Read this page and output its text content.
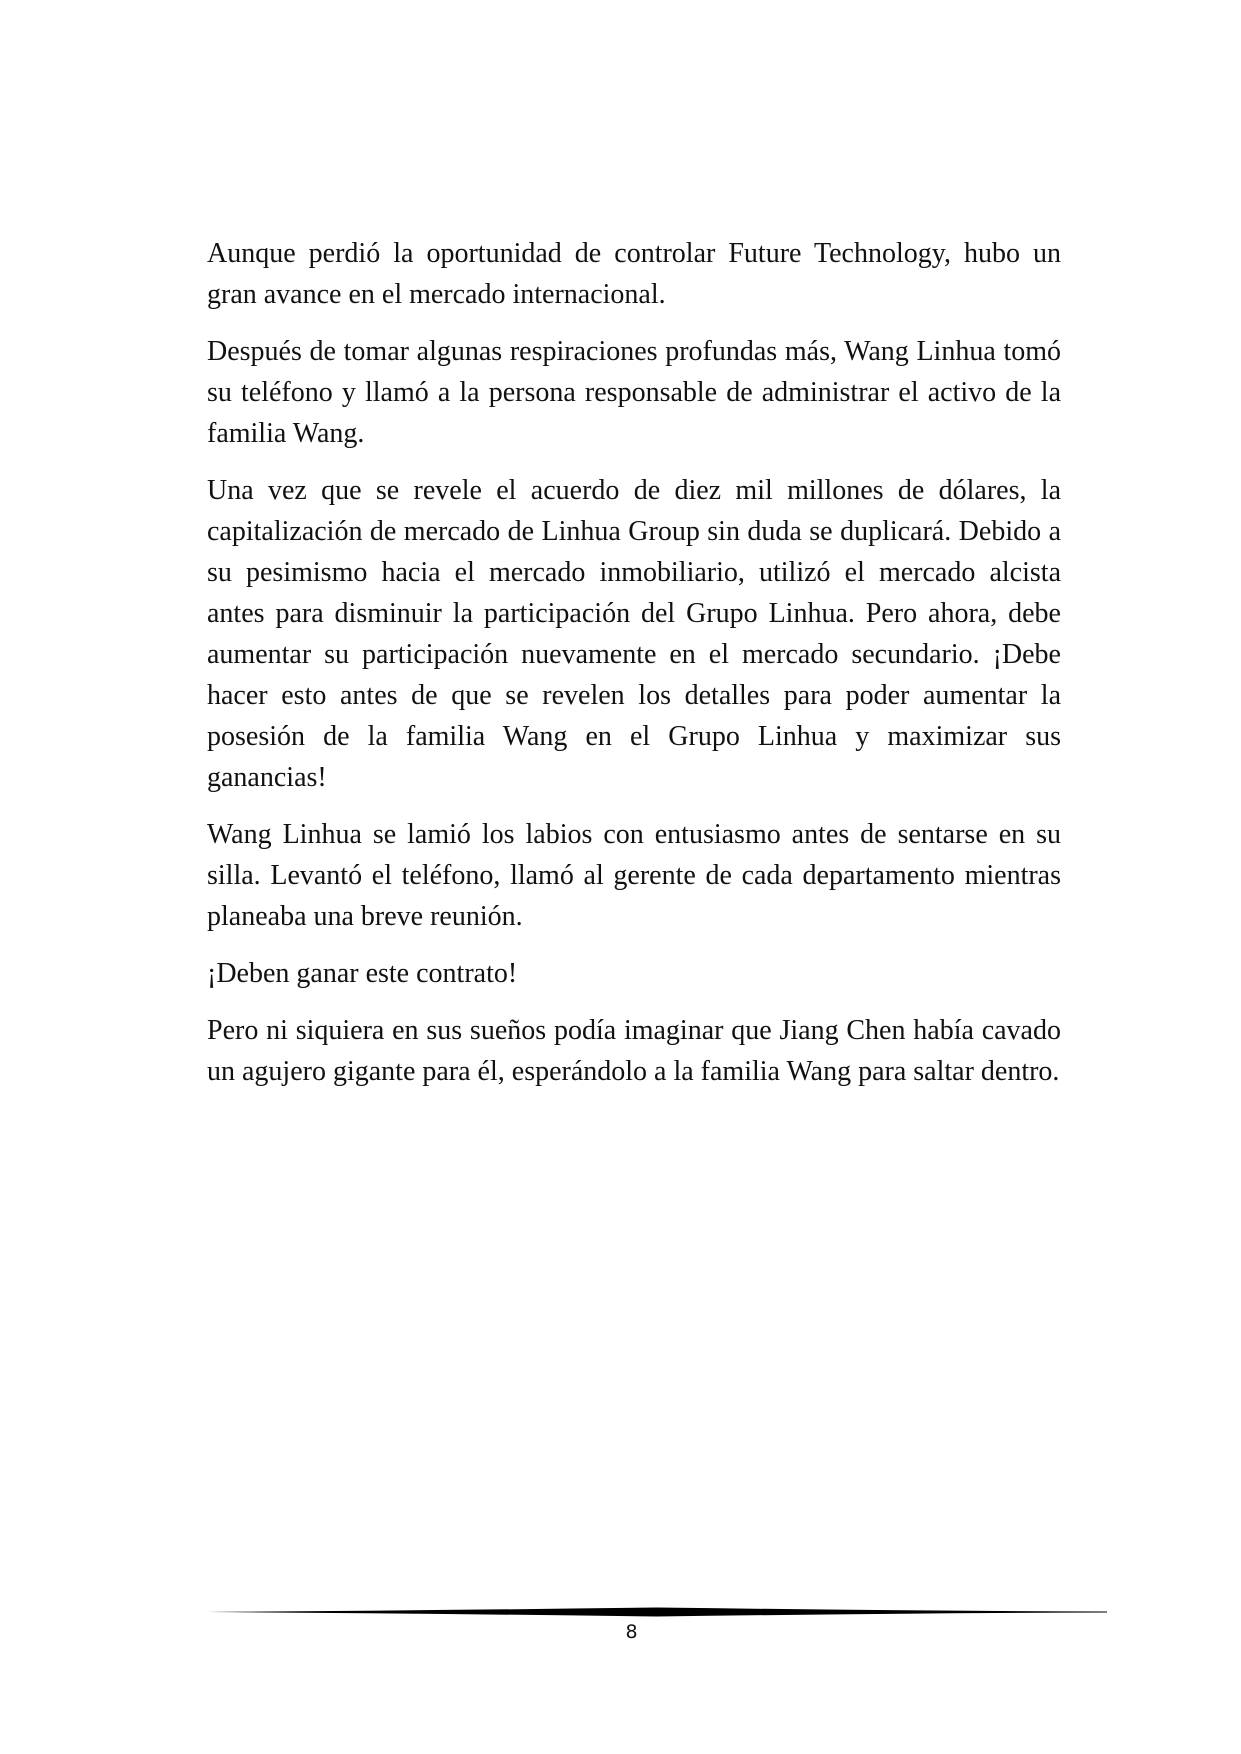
Aunque perdió la oportunidad de controlar Future Technology, hubo un gran avance en el mercado internacional.

Después de tomar algunas respiraciones profundas más, Wang Linhua tomó su teléfono y llamó a la persona responsable de administrar el activo de la familia Wang.

Una vez que se revele el acuerdo de diez mil millones de dólares, la capitalización de mercado de Linhua Group sin duda se duplicará. Debido a su pesimismo hacia el mercado inmobiliario, utilizó el mercado alcista antes para disminuir la participación del Grupo Linhua. Pero ahora, debe aumentar su participación nuevamente en el mercado secundario. ¡Debe hacer esto antes de que se revelen los detalles para poder aumentar la posesión de la familia Wang en el Grupo Linhua y maximizar sus ganancias!

Wang Linhua se lamió los labios con entusiasmo antes de sentarse en su silla. Levantó el teléfono, llamó al gerente de cada departamento mientras planeaba una breve reunión.

¡Deben ganar este contrato!

Pero ni siquiera en sus sueños podía imaginar que Jiang Chen había cavado un agujero gigante para él, esperándolo a la familia Wang para saltar dentro.

8
